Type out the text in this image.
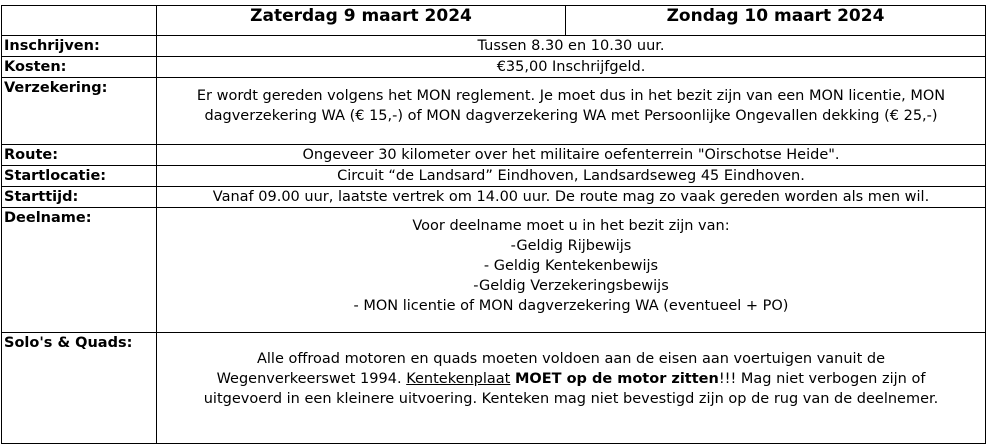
	Zaterdag 9 maart 2024	Zondag 10 maart 2024
Inschrijven:	Tussen 8.30 en 10.30 uur.	
Kosten:	€35,00 Inschrijfgeld.	
Verzekering:	Er wordt gereden volgens het MON reglement. Je moet dus in het bezit zijn van een MON licentie, MON
dagverzekering WA (€ 15,-) of MON dagverzekering WA met Persoonlijke Ongevallen dekking (€ 25,-)	

Route:	Ongeveer 30 kilometer over het militaire oefenterrein "Oirschotse Heide".	
Startlocatie:	Circuit “de Landsard” Eindhoven, Landsardseweg 45 Eindhoven.	
Starttijd:	Vanaf 09.00 uur, laatste vertrek om 14.00 uur. De route mag zo vaak gereden worden als men wil.	
Deelname:	Voor deelname moet u in het bezit zijn van:
-Geldig Rijbewijs
- Geldig Kentekenbewijs
-Geldig Verzekeringsbewijs
- MON licentie of MON dagverzekering WA (eventueel + PO)	

Solo's & Quads:	Alle offroad motoren en quads moeten voldoen aan de eisen aan voertuigen vanuit de
Wegenverkeerswet 1994. Kentekenplaat MOET op de motor zitten!!! Mag niet verbogen zijn of
uitgevoerd in een kleinere uitvoering. Kenteken mag niet bevestigd zijn op de rug van de deelnemer.	
